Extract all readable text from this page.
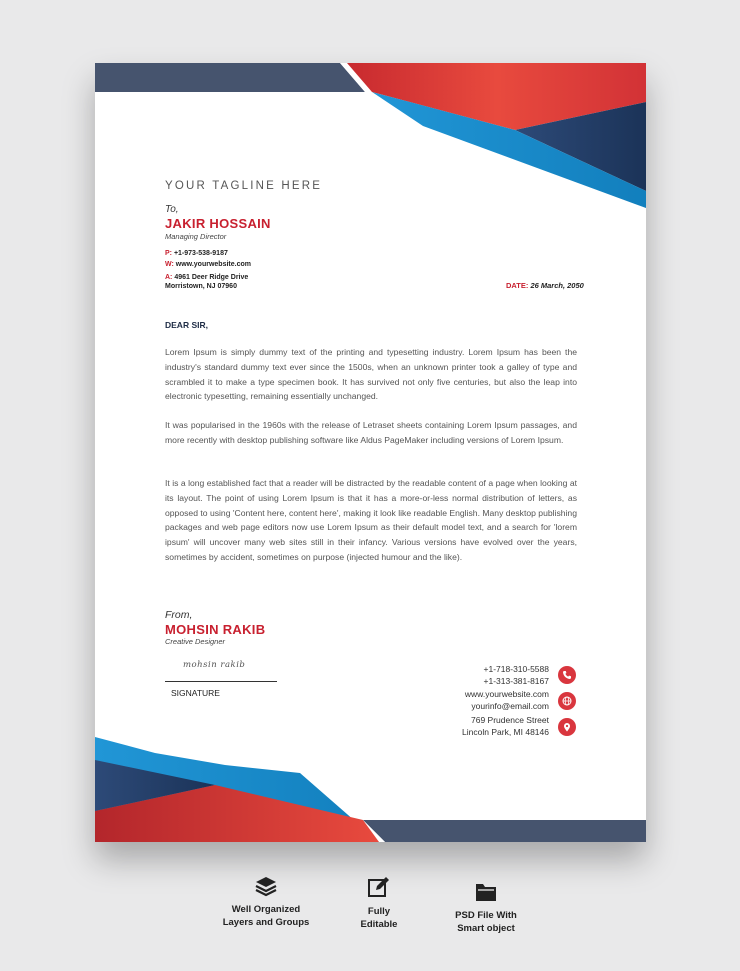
YOUR TAGLINE HERE
To,
JAKIR HOSSAIN
Managing Director
P: +1-973-538-9187
W: www.yourwebsite.com
A: 4961 Deer Ridge Drive
Morristown, NJ 07960	DATE: 26 March, 2050
DEAR SIR,

Lorem Ipsum is simply dummy text of the printing and typesetting industry. Lorem Ipsum has been the industry's standard dummy text ever since the 1500s, when an unknown printer took a galley of type and scrambled it to make a type specimen book. It has survived not only five centuries, but also the leap into electronic typesetting, remaining essentially unchanged.

It was popularised in the 1960s with the release of Letraset sheets containing Lorem Ipsum passages, and more recently with desktop publishing software like Aldus PageMaker including versions of Lorem Ipsum.

It is a long established fact that a reader will be distracted by the readable content of a page when looking at its layout. The point of using Lorem Ipsum is that it has a more-or-less normal distribution of letters, as opposed to using 'Content here, content here', making it look like readable English. Many desktop publishing packages and web page editors now use Lorem Ipsum as their default model text, and a search for 'lorem ipsum' will uncover many web sites still in their infancy. Various versions have evolved over the years, sometimes by accident, sometimes on purpose (injected humour and the like).

From,
MOHSIN RAKIB
Creative Designer
mohsin rakib
SIGNATURE
+1-718-310-5588
+1-313-381-8167
www.yourwebsite.com
yourinfo@email.com
769 Prudence Street
Lincoln Park, MI 48146
Well Organized
Layers and Groups
Fully
Editable
PSD File With
Smart object
